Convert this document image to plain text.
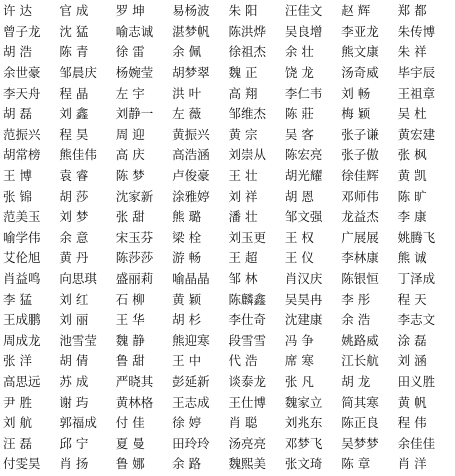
许 达	官 成	罗 坤	易杨波	朱 阳	汪佳文	赵 辉	郑 都
曾子龙	沈 猛	喻志诚	湛梦帆	陈洪烨	吴良增	李亚龙	朱传博
胡 浩	陈 青	徐 雷	余 佩	徐祖杰	余 壮	熊文康	朱 祥
余世豪	邹晨庆	杨婉莹	胡梦翠	魏 正	饶 龙	汤奇威	毕宇辰
李天舟	程 晶	左 宇	洪 叶	高 翔	李仁韦	刘 畅	王祖章
胡 磊	刘 鑫	刘静一	左 薇	邹维杰	陈 莊	梅 颖	吴 杜
范振兴	程 昊	周 迎	黄振兴	黄 宗	吴 客	张子谦	黄宏建
胡常榜	熊佳伟	高 庆	高浩涵	刘崇从	陈宏亮	张子傲	张 枫
王 博	袁 睿	陈 梦	卢俊豪	王 壮	胡光耀	徐佳辉	黄 凯
张 锦	胡 莎	沈家新	涂雅婷	刘 祥	胡 恩	邓师伟	陈 旷
范美玉	刘 梦	张 甜	熊 璐	潘 壮	邹文强	龙益杰	李 康
喻学伟	余 意	宋玉芬	梁 栓	刘玉更	王 权	广展展	姚腾飞
艾伦旭	黄 丹	陈莎莎	游 畅	王 超	王 仪	李林康	熊 诚
肖益鸣	向思琪	盛丽莉	喻晶晶	邹 林	肖汉庆	陈银恒	丁泽成
李 猛	刘 红	石 柳	黄 颖	陈麟鑫	吴昊冉	李 彤	程 天
王成鹏	刘 丽	王 华	胡 杉	李仕奇	沈建康	余 浩	李志文
周成龙	池雪莹	魏 静	熊迎寒	段雪雪	冯 争	姚路威	涂 磊
张 洋	胡 倩	鲁 甜	王 中	代 浩	席 寒	江长航	刘 涵
高思远	苏 成	严晓其	彭延新	谈泰龙	张 凡	胡 龙	田义胜
尹 胜	谢 玙	黄林格	王志成	王仕博	魏家立	简其寒	黄 帆
刘 航	郭福成	付 佳	徐 婷	肖 聪	刘兆东	陈正良	程 伟
汪 磊	邱 宁	夏 曼	田玲玲	汤亮亮	邓梦飞	吴梦梦	余佳佳
付雯昊	肖 扬	鲁 娜	余 路	魏熙美	张文琦	陈 章	肖 洋
